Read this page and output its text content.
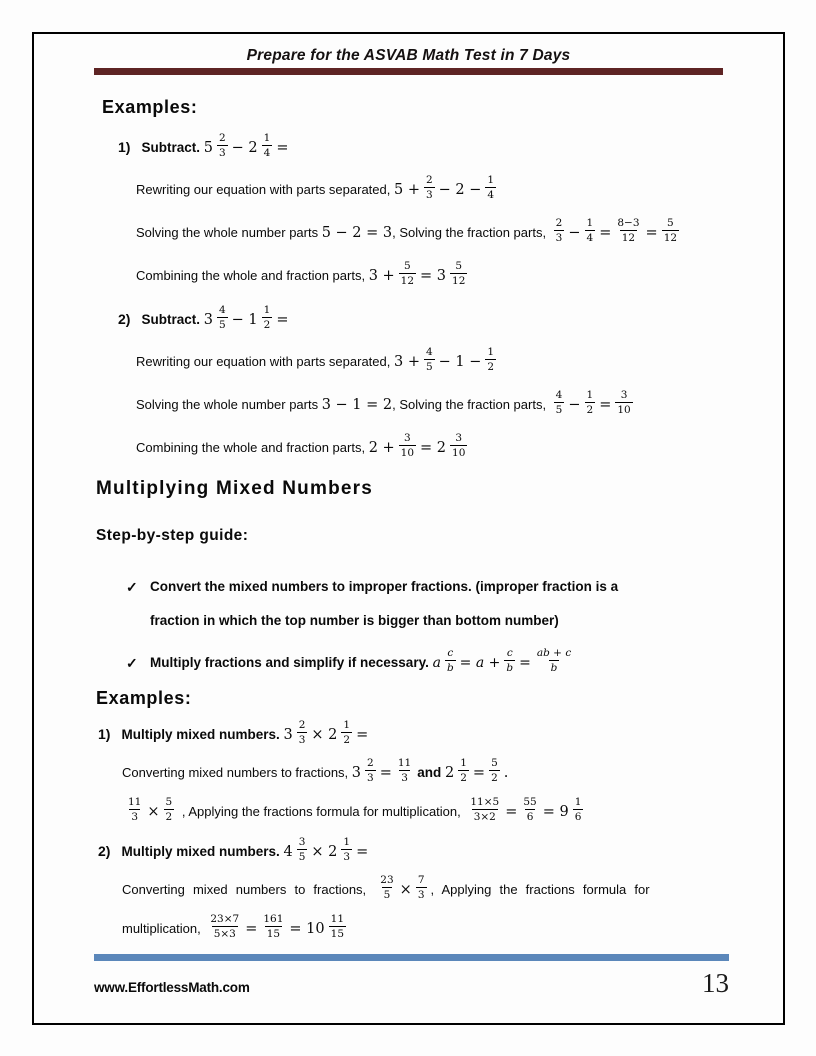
Prepare for the ASVAB Math Test in 7 Days
Examples:
1) Subtract. $5 \frac{2}{3} - 2 \frac{1}{4}$ =
Rewriting our equation with parts separated, $5 + \frac{2}{3} - 2 - \frac{1}{4}$
Solving the whole number parts 5 − 2 = 3, Solving the fraction parts, $\frac{2}{3} - \frac{1}{4} = \frac{8-3}{12} = \frac{5}{12}$
Combining the whole and fraction parts, $3 + \frac{5}{12} = 3 \frac{5}{12}$
2) Subtract. $3 \frac{4}{5} - 1 \frac{1}{2}$ =
Rewriting our equation with parts separated, $3 + \frac{4}{5} - 1 - \frac{1}{2}$
Solving the whole number parts 3 − 1 = 2, Solving the fraction parts, $\frac{4}{5} - \frac{1}{2} = \frac{3}{10}$
Combining the whole and fraction parts, $2 + \frac{3}{10} = 2 \frac{3}{10}$
Multiplying Mixed Numbers
Step-by-step guide:
✓ Convert the mixed numbers to improper fractions. (improper fraction is a
fraction in which the top number is bigger than bottom number)
✓ Multiply fractions and simplify if necessary. a $\frac{c}{b} = a + \frac{c}{b} = \frac{ab + c}{b}$
Examples:
1) Multiply mixed numbers. $3 \frac{2}{3} \times 2 \frac{1}{2}$ =
Converting mixed numbers to fractions, $3 \frac{2}{3} = \frac{11}{3}$ and $2 \frac{1}{2} = \frac{5}{2}$ .
$\frac{11}{3} \times \frac{5}{2}$ , Applying the fractions formula for multiplication, $\frac{11\times 5}{3\times 2} = \frac{55}{6} = 9 \frac{1}{6}$
2) Multiply mixed numbers. $4 \frac{3}{5} \times 2 \frac{1}{3}$ =
Converting mixed numbers to fractions, $\frac{23}{5} \times \frac{7}{3}$ , Applying the fractions formula for
multiplication, $\frac{23\times 7}{5\times 3} = \frac{161}{15} = 10 \frac{11}{15}$
www.EffortlessMath.com	13
